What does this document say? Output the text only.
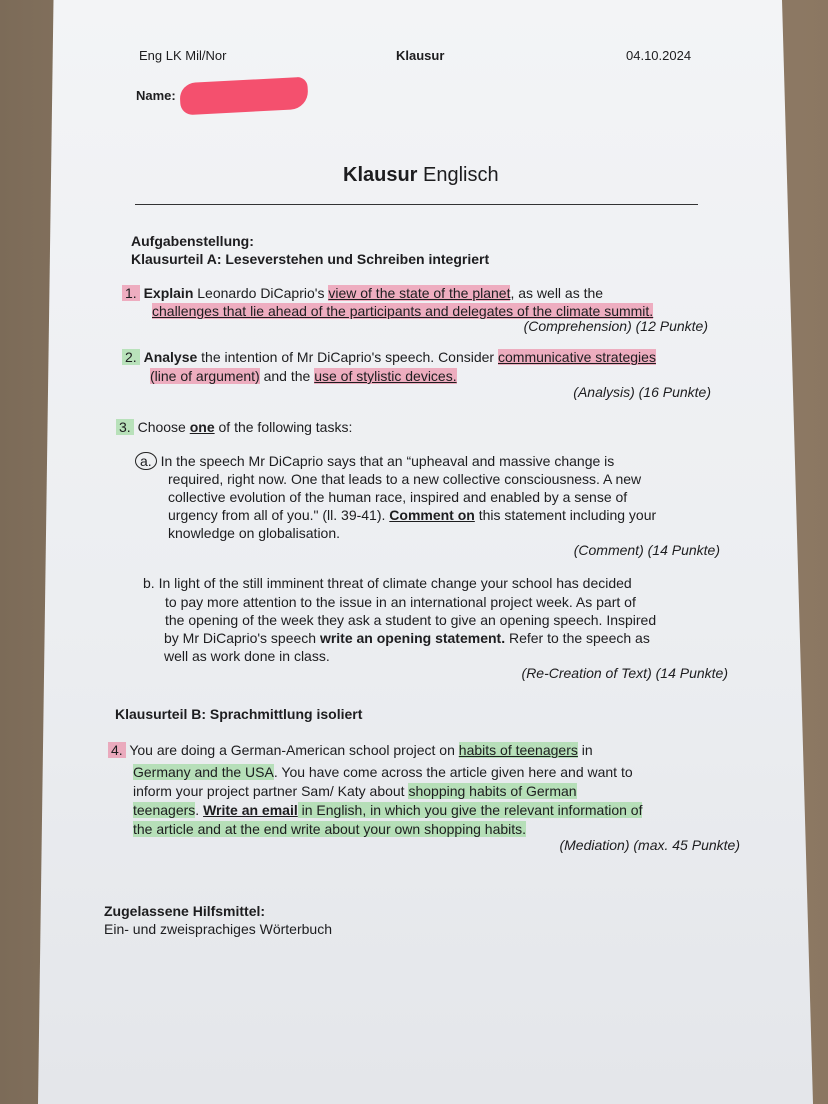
Eng LK Mil/Nor	Klausur	04.10.2024
Name:
Klausur Englisch
Aufgabenstellung:
Klausurteil A: Leseverstehen und Schreiben integriert
1. Explain Leonardo DiCaprio's view of the state of the planet, as well as the
challenges that lie ahead of the participants and delegates of the climate summit.
(Comprehension) (12 Punkte)
2. Analyse the intention of Mr DiCaprio's speech. Consider communicative strategies
(line of argument) and the use of stylistic devices.
(Analysis) (16 Punkte)
3. Choose one of the following tasks:
a. In the speech Mr DiCaprio says that an “upheaval and massive change is
required, right now. One that leads to a new collective consciousness. A new
collective evolution of the human race, inspired and enabled by a sense of
urgency from all of you." (ll. 39-41). Comment on this statement including your
knowledge on globalisation.
(Comment) (14 Punkte)
b. In light of the still imminent threat of climate change your school has decided
to pay more attention to the issue in an international project week. As part of
the opening of the week they ask a student to give an opening speech. Inspired
by Mr DiCaprio's speech write an opening statement. Refer to the speech as
well as work done in class.
(Re-Creation of Text) (14 Punkte)
Klausurteil B: Sprachmittlung isoliert
4. You are doing a German-American school project on habits of teenagers in
Germany and the USA. You have come across the article given here and want to
inform your project partner Sam/ Katy about shopping habits of German
teenagers. Write an email in English, in which you give the relevant information of
the article and at the end write about your own shopping habits.
(Mediation) (max. 45 Punkte)
Zugelassene Hilfsmittel:
Ein- und zweisprachiges Wörterbuch
